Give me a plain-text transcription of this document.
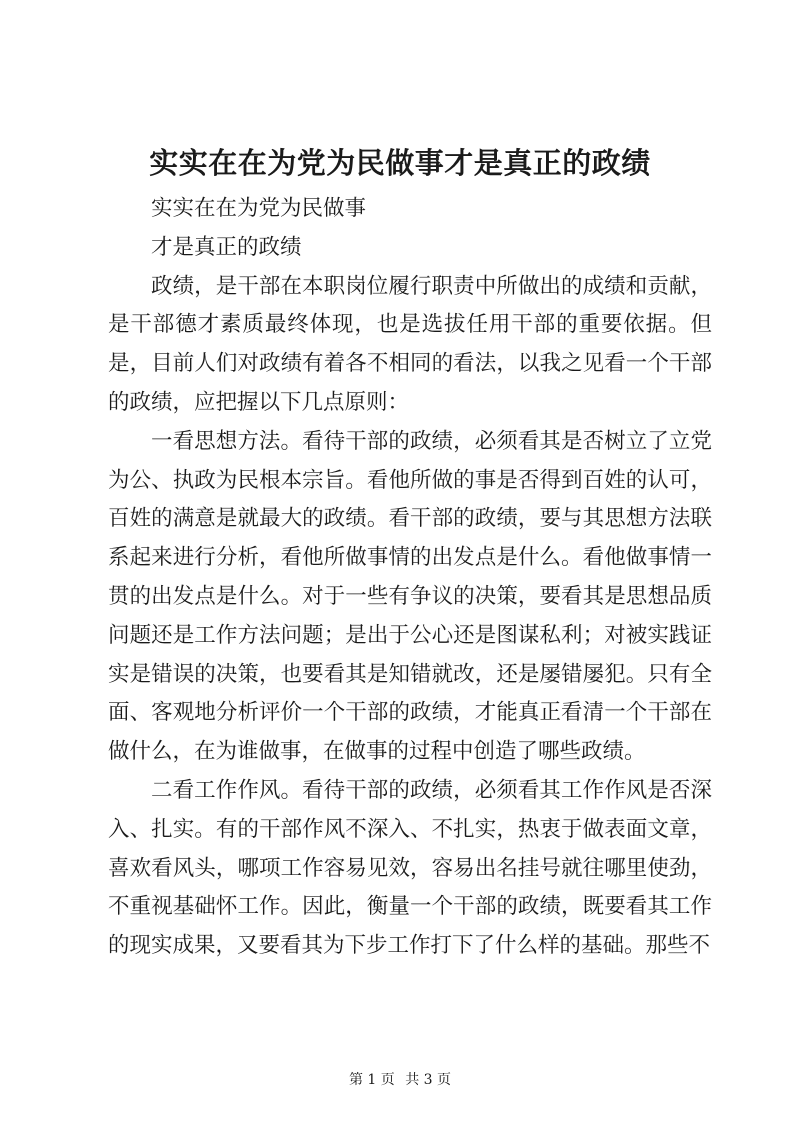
实实在在为党为民做事才是真正的政绩

实实在在为党为民做事

才是真正的政绩

政绩，是干部在本职岗位履行职责中所做出的成绩和贡献，是干部德才素质最终体现，也是选拔任用干部的重要依据。但是，目前人们对政绩有着各不相同的看法，以我之见看一个干部的政绩，应把握以下几点原则：

一看思想方法。看待干部的政绩，必须看其是否树立了立党为公、执政为民根本宗旨。看他所做的事是否得到百姓的认可，百姓的满意是就最大的政绩。看干部的政绩，要与其思想方法联系起来进行分析，看他所做事情的出发点是什么。看他做事情一贯的出发点是什么。对于一些有争议的决策，要看其是思想品质问题还是工作方法问题；是出于公心还是图谋私利；对被实践证实是错误的决策，也要看其是知错就改，还是屡错屡犯。只有全面、客观地分析评价一个干部的政绩，才能真正看清一个干部在做什么，在为谁做事，在做事的过程中创造了哪些政绩。

二看工作作风。看待干部的政绩，必须看其工作作风是否深入、扎实。有的干部作风不深入、不扎实，热衷于做表面文章，喜欢看风头，哪项工作容易见效，容易出名挂号就往哪里使劲，不重视基础怀工作。因此，衡量一个干部的政绩，既要看其工作的现实成果，又要看其为下步工作打下了什么样的基础。那些不

第 1 页 共 3 页
